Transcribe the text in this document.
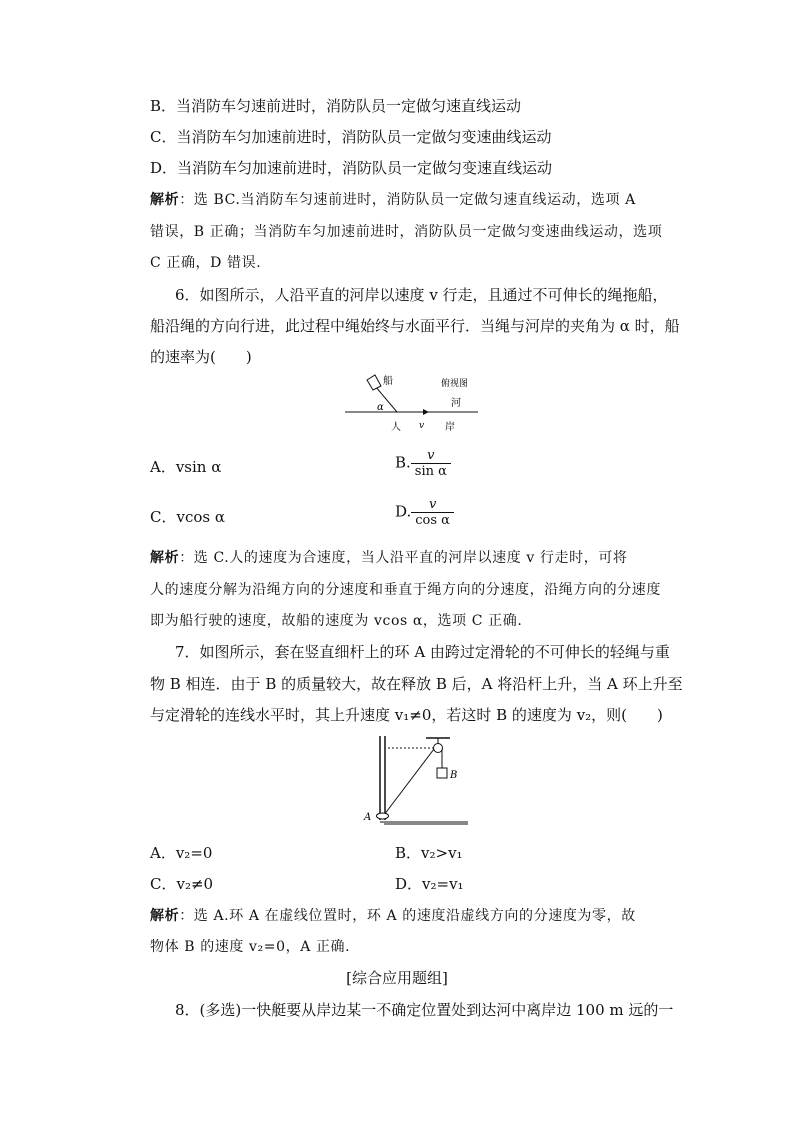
B．当消防车匀速前进时，消防队员一定做匀速直线运动
C．当消防车匀加速前进时，消防队员一定做匀变速曲线运动
D．当消防车匀加速前进时，消防队员一定做匀变速直线运动
解析：选 BC.当消防车匀速前进时，消防队员一定做匀速直线运动，选项 A
错误，B 正确；当消防车匀加速前进时，消防队员一定做匀变速曲线运动，选项
C 正确，D 错误.
6．如图所示，人沿平直的河岸以速度 v 行走，且通过不可伸长的绳拖船，
船沿绳的方向行进，此过程中绳始终与水面平行．当绳与河岸的夹角为 α 时，船
的速率为(　　)
船	俯视图
河
α
人 v 岸
A．vsin α	B. $\frac{v}{\text{sin α}}$
C．vcos α	D. $\frac{v}{\text{cos α}}$
解析：选 C.人的速度为合速度，当人沿平直的河岸以速度 v 行走时，可将
人的速度分解为沿绳方向的分速度和垂直于绳方向的分速度，沿绳方向的分速度
即为船行驶的速度，故船的速度为 vcos α，选项 C 正确.
7．如图所示，套在竖直细杆上的环 A 由跨过定滑轮的不可伸长的轻绳与重
物 B 相连．由于 B 的质量较大，故在释放 B 后，A 将沿杆上升，当 A 环上升至
与定滑轮的连线水平时，其上升速度 v₁≠0，若这时 B 的速度为 v₂，则(　　)
B
A
A．v₂=0	B．v₂>v₁
C．v₂≠0	D．v₂=v₁
解析：选 A.环 A 在虚线位置时，环 A 的速度沿虚线方向的分速度为零，故
物体 B 的速度 v₂=0，A 正确.
[综合应用题组]
8．(多选)一快艇要从岸边某一不确定位置处到达河中离岸边 100 m 远的一
